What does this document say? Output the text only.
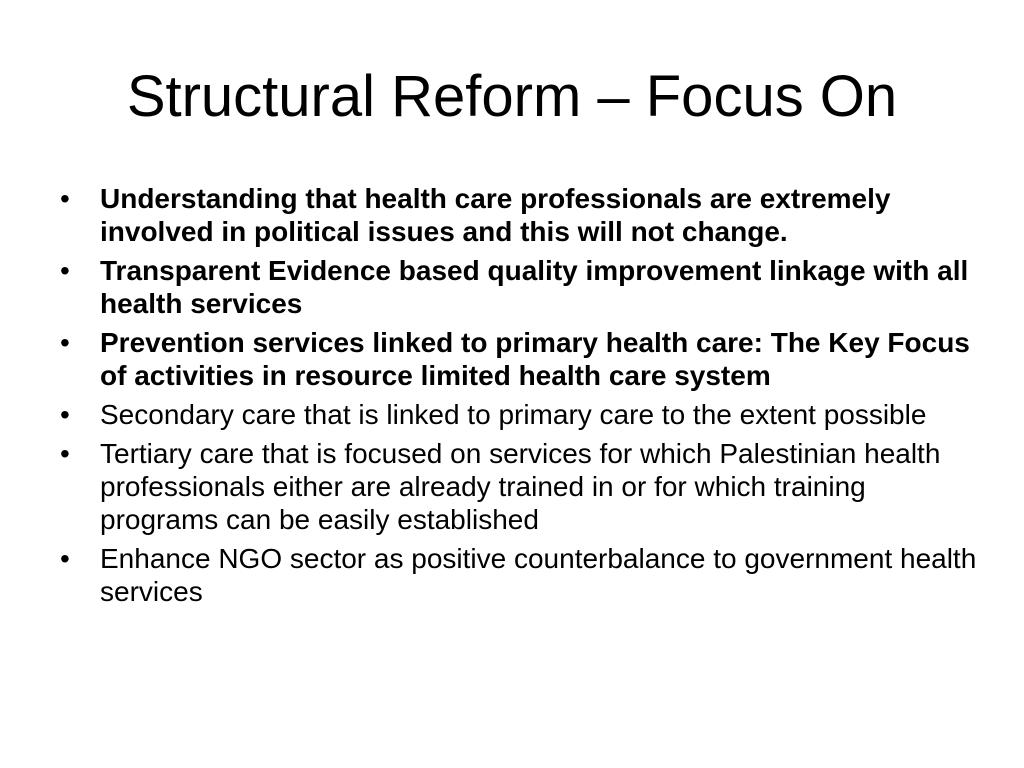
Structural Reform – Focus On
•	Understanding that health care professionals are extremely involved in political issues and this will not change.
•	Transparent Evidence based quality improvement linkage with all health services
•	Prevention services linked to primary health care: The Key Focus of activities in resource limited health care system
•	Secondary care that is linked to primary care to the extent possible
•	Tertiary care that is focused on services for which Palestinian health professionals either are already trained in or for which training programs can be easily established
•	Enhance NGO sector as positive counterbalance to government health services
